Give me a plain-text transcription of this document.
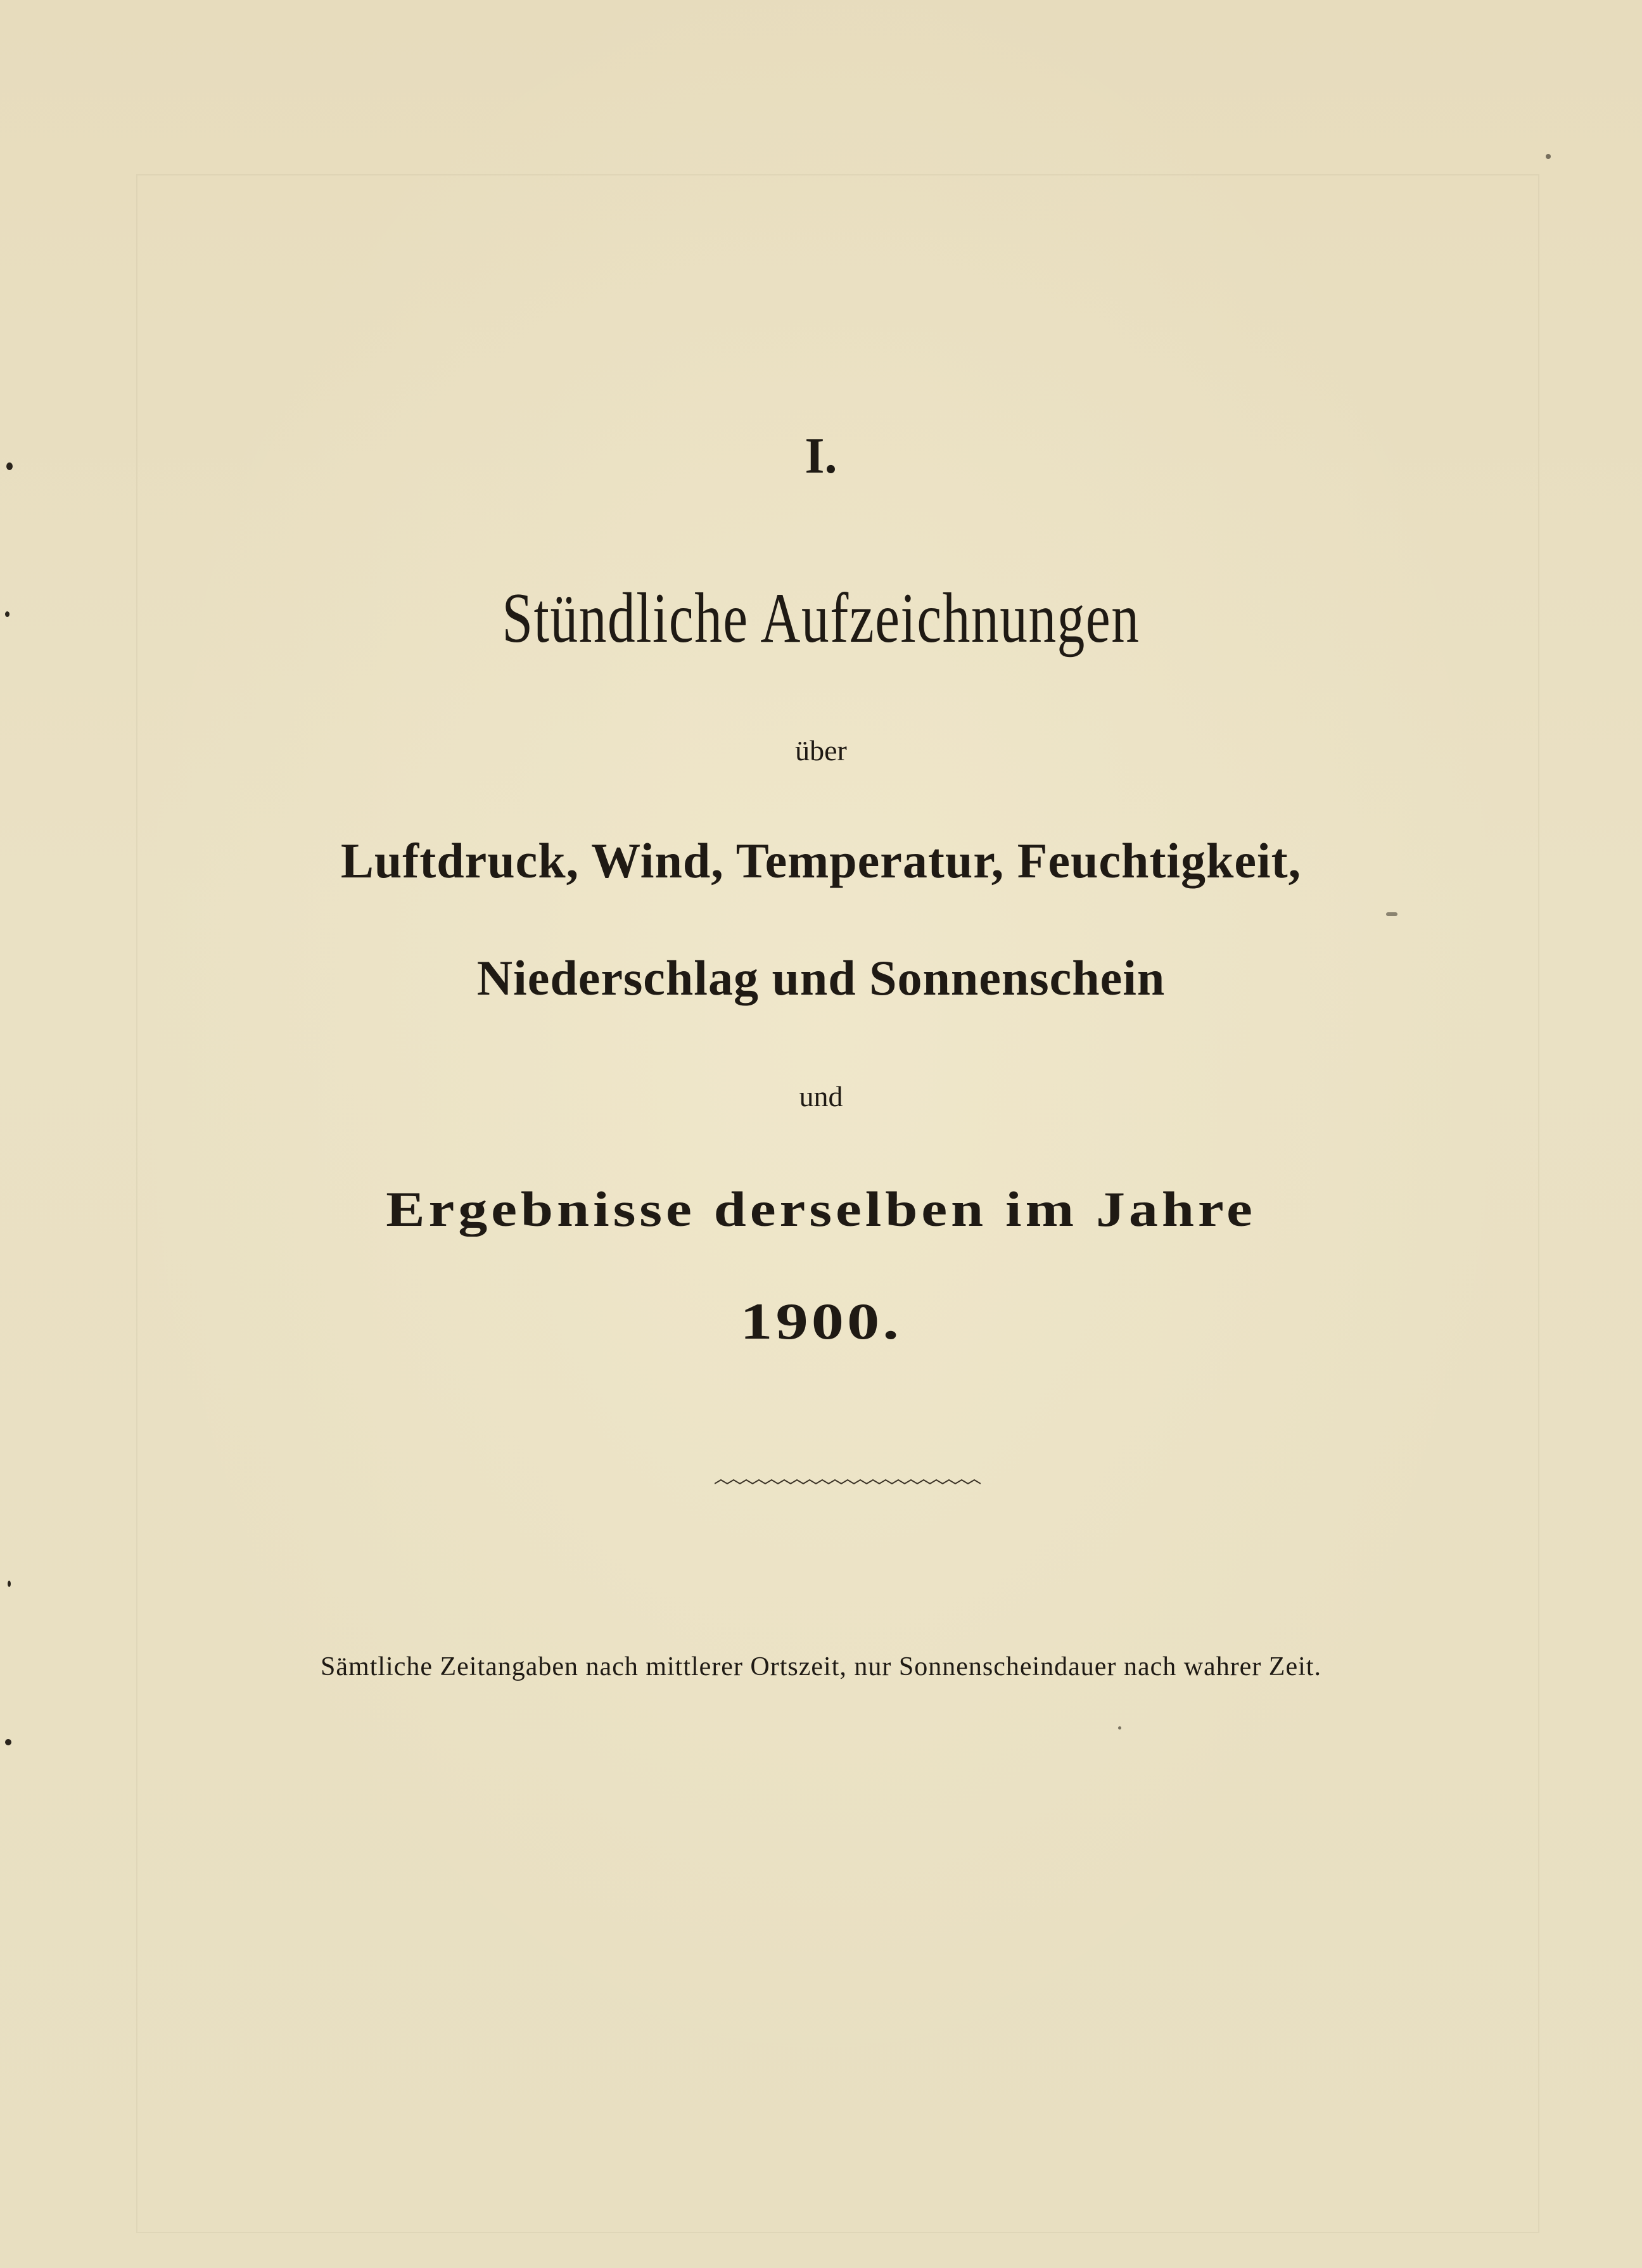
I.
Stündliche Aufzeichnungen
über
Luftdruck, Wind, Temperatur, Feuchtigkeit,
Niederschlag und Sonnenschein
und
Ergebnisse derselben im Jahre
1900.
Sämtliche Zeitangaben nach mittlerer Ortszeit, nur Sonnenscheindauer nach wahrer Zeit.
